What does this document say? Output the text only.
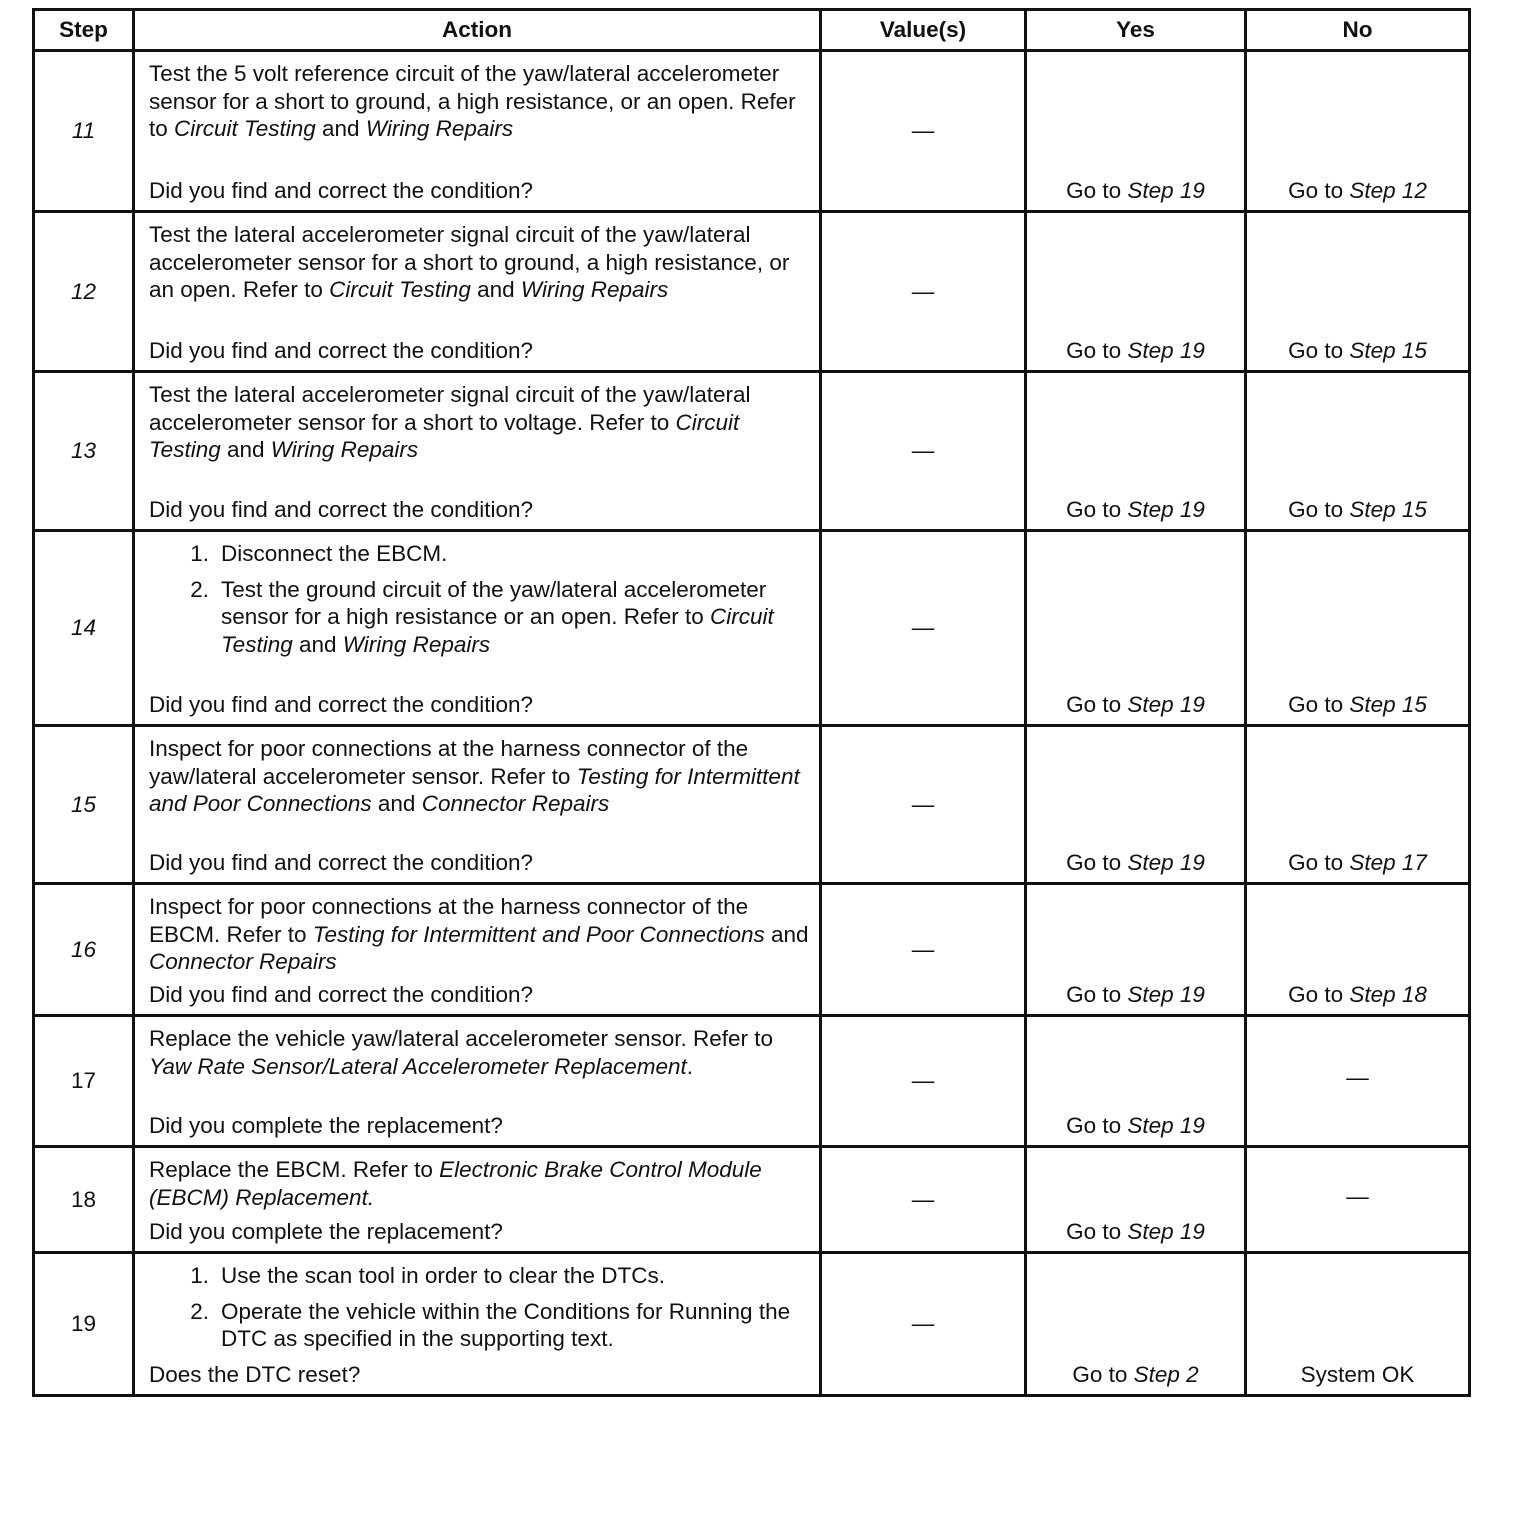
Step	Action	Value(s)	Yes	No
11	Test the 5 volt reference circuit of the yaw/lateral accelerometer sensor for a short to ground, a high resistance, or an open. Refer to Circuit Testing and Wiring Repairs
Did you find and correct the condition?	—	Go to Step 19	Go to Step 12
12	Test the lateral accelerometer signal circuit of the yaw/lateral accelerometer sensor for a short to ground, a high resistance, or an open. Refer to Circuit Testing and Wiring Repairs
Did you find and correct the condition?	—	Go to Step 19	Go to Step 15
13	Test the lateral accelerometer signal circuit of the yaw/lateral accelerometer sensor for a short to voltage. Refer to Circuit Testing and Wiring Repairs
Did you find and correct the condition?	—	Go to Step 19	Go to Step 15
14	1. Disconnect the EBCM.
2. Test the ground circuit of the yaw/lateral accelerometer sensor for a high resistance or an open. Refer to Circuit Testing and Wiring Repairs
Did you find and correct the condition?	—	Go to Step 19	Go to Step 15
15	Inspect for poor connections at the harness connector of the yaw/lateral accelerometer sensor. Refer to Testing for Intermittent and Poor Connections and Connector Repairs
Did you find and correct the condition?	—	Go to Step 19	Go to Step 17
16	Inspect for poor connections at the harness connector of the EBCM. Refer to Testing for Intermittent and Poor Connections and Connector Repairs
Did you find and correct the condition?	—	Go to Step 19	Go to Step 18
17	Replace the vehicle yaw/lateral accelerometer sensor. Refer to Yaw Rate Sensor/Lateral Accelerometer Replacement.
Did you complete the replacement?	—	Go to Step 19	—
18	Replace the EBCM. Refer to Electronic Brake Control Module (EBCM) Replacement.
Did you complete the replacement?	—	Go to Step 19	—
19	1. Use the scan tool in order to clear the DTCs.
2. Operate the vehicle within the Conditions for Running the DTC as specified in the supporting text.
Does the DTC reset?	—	Go to Step 2	System OK
